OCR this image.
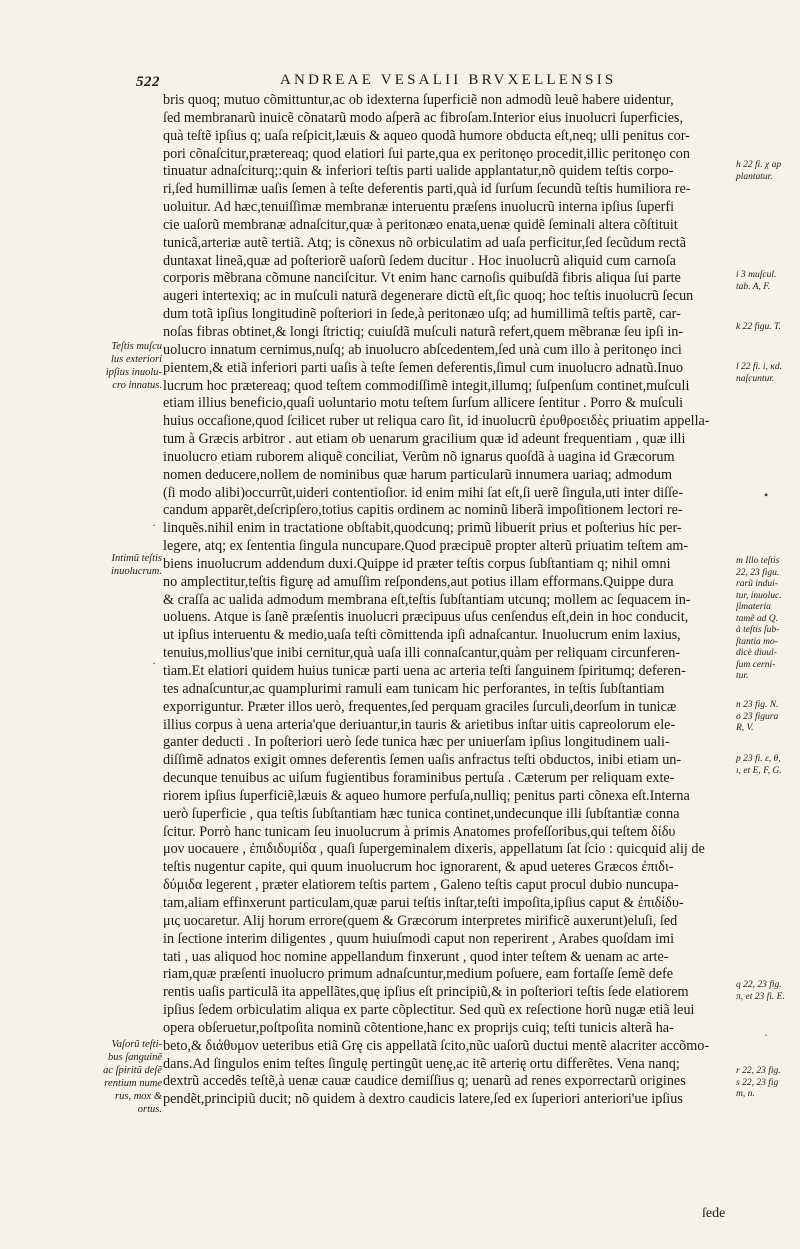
522	ANDREAE VESALII BRVXELLENSIS
bris quoq; mutuo cõmittuntur,ac ob idexterna ſuperficiẽ non admodũ leuẽ habere uidentur,
ſed membranarũ inuicẽ cõnatarũ modo aſperã ac fibroſam.Interior eius inuolucri ſuperficies,
quà teſtẽ ipſius q; uaſa reſpicit,læuis & aqueo quodã humore obducta eſt,neq; ulli penitus cor-
pori cõnaſcitur,prætereaq; quod elatiori ſui parte,qua ex peritonęo procedit,illic peritonęo con
tinuatur adnaſciturq;:quin & inferiori teſtis parti ualide applantatur,nõ quidem teſtis corpo-
ri,ſed humillimæ uaſis ſemen à teſte deferentis parti,quà id ſurſum ſecundũ teſtis humiliora re-
uoluitur. Ad hæc,tenuiſſimæ membranæ interuentu præſens inuolucrũ interna ipſius ſuperfi
cie uaſorũ membranæ adnaſcitur,quæ à peritonæo enata,uenæ quidẽ ſeminali altera cõſtituit
tunicã,arteriæ autẽ tertiã. Atq; is cõnexus nõ orbiculatim ad uaſa perficitur,ſed ſecũdum rectã
duntaxat lineã,quæ ad poſteriorẽ uaſorũ ſedem ducitur . Hoc inuolucrũ aliquid cum carnoſa
corporis mẽbrana cõmune nanciſcitur. Vt enim hanc carnoſis quibuſdã fibris aliqua ſui parte
augeri intertexiq; ac in muſculi naturã degenerare dictũ eſt,ſic quoq; hoc teſtis inuolucrũ ſecun
dum totã ipſius longitudinẽ poſteriori in ſede,à peritonæo uſq; ad humillimã teſtis partẽ, car-
noſas fibras obtinet,& longi ſtrictiq; cuiuſdã muſculi naturã refert,quem mẽbranæ ſeu ipſi in-
uolucro innatum cernimus,nuſq; ab inuolucro abſcedentem,ſed unà cum illo à peritonęo inci
pientem,& etiã inferiori parti uaſis à teſte ſemen deferentis,ſimul cum inuolucro adnatũ.Inuo
lucrum hoc prætereaq; quod teſtem commodiſſimẽ integit,illumq; ſuſpenſum continet,muſculi
etiam illius beneficio,quaſi uoluntario motu teſtem ſurſum allicere ſentitur . Porro & muſculi
huius occaſione,quod ſcilicet ruber ut reliqua caro ſit, id inuolucrũ ἐρυθροειδὲς priuatim appella-
tum à Græcis arbitror . aut etiam ob uenarum gracilium quæ id adeunt frequentiam , quæ illi
inuolucro etiam ruborem aliquẽ conciliat, Verũm nõ ignarus quoſdã à uagina id Græcorum
nomen deducere,nollem de nominibus quæ harum particularũ innumera uariaq; admodum
(ſi modo alibi)occurrũt,uideri contentioſior. id enim mihi ſat eſt,ſi uerẽ ſingula,uti inter diſſe-
candum apparẽt,deſcripſero,totius capitis ordinem ac nominũ liberã impoſitionem lectori re-
linquẽs.nihil enim in tractatione obſtabit,quodcunq; primũ libuerit prius et poſterius hic per-
legere, atq; ex ſententia ſingula nuncupare.Quod præcipuẽ propter alterũ priuatim teſtem am-
biens inuolucrum addendum duxi.Quippe id præter teſtis corpus ſubſtantiam q; nihil omni
no amplectitur,teſtis figurę ad amuſſim reſpondens,aut potius illam efformans.Quippe dura
& craſſa ac ualida admodum membrana eſt,teſtis ſubſtantiam utcunq; mollem ac ſequacem in-
uoluens. Atque is ſanẽ præſentis inuolucri præcipuus uſus cenſendus eſt,dein in hoc conducit,
ut ipſius interuentu & medio,uaſa teſti cõmittenda ipſi adnaſcantur. Inuolucrum enim laxius,
tenuius,mollius'que inibi cernitur,quà uaſa illi connaſcantur,quàm per reliquam circunferen-
tiam.Et elatiori quidem huius tunicæ parti uena ac arteria teſti ſanguinem ſpiritumq; deferen-
tes adnaſcuntur,ac quamplurimi ramuli eam tunicam hic perforantes, in teſtis ſubſtantiam
exporriguntur. Præter illos uerò, frequentes,ſed perquam graciles ſurculi,deorſum in tunicæ
illius corpus à uena arteria'que deriuantur,in tauris & arietibus inſtar uitis capreolorum ele-
ganter deducti . In poſteriori uerò ſede tunica hæc per uniuerſam ipſius longitudinem uali-
diſſimẽ adnatos exigit omnes deferentis ſemen uaſis anfractus teſti obductos, inibi etiam un-
decunque tenuibus ac uiſum fugientibus foraminibus pertuſa . Cæterum per reliquam exte-
riorem ipſius ſuperficiẽ,læuis & aqueo humore perfuſa,nulliq; penitus parti cõnexa eſt.Interna
uerò ſuperficie , qua teſtis ſubſtantiam hæc tunica continet,undecunque illi ſubſtantiæ conna
ſcitur. Porrò hanc tunicam ſeu inuolucrum à primis Anatomes profeſſoribus,qui teſtem δίδυ
μον uocauere , ἐπιδιδυμίδα , quaſi ſupergeminalem dixeris, appellatum ſat ſcio : quicquid alij de
teſtis nugentur capite, qui quum inuolucrum hoc ignorarent, & apud ueteres Græcos ἐπιδι-
δύμιδα legerent , præter elatiorem teſtis partem , Galeno teſtis caput procul dubio nuncupa-
tam,aliam effinxerunt particulam,quæ parui teſtis inſtar,teſti impoſita,ipſius caput & ἐπιδίδυ-
μις uocaretur. Alij horum errore(quem & Græcorum interpretes mirificẽ auxerunt)eluſi, ſed
in ſectione interim diligentes , quum huiuſmodi caput non reperirent , Arabes quoſdam imi
tati , uas aliquod hoc nomine appellandum finxerunt , quod inter teſtem & uenam ac arte-
riam,quæ præſenti inuolucro primum adnaſcuntur,medium poſuere, eam fortaſſe ſemẽ defe
rentis uaſis particulã ita appellãtes,quę ipſius eſt principiũ,& in poſteriori teſtis ſede elatiorem
ipſius ſedem orbiculatim aliqua ex parte cõplectitur. Sed quũ ex reſectione horũ nugæ etiã leui
opera obſeruetur,poſtpoſita nominũ cõtentione,hanc ex proprijs cuiq; teſti tunicis alterã ha-
beto,& διάθυμον ueteribus etiã Grę cis appellatã ſcito,nũc uaſorũ ductui mentẽ alacriter accõmo-
dans.Ad ſingulos enim teſtes ſingulę pertingũt uenę,ac itẽ arterię ortu differẽtes. Vena nanq;
dextrũ accedẽs teſtẽ,à uenæ cauæ caudice demiſſius q; uenarũ ad renes exporrectarũ origines
pendẽt,principiũ ducit; nõ quidem à dextro caudicis latere,ſed ex ſuperiori anteriori'ue ipſius
Teſtis muſcu
lus exteriori
ipſius inuolu-
cro innatus.
Intimũ teſtis
inuolucrum.
Vaſorũ teſti-
bus ſanguinẽ
ac ſpiritũ deſẽ
rentium nume
rus, mox &
ortus.
h 22 fi. χ ap
plantatur.
i 3 muſcul.
tab. A, F.
k 22 figu. T.
l 22 fi. i, κd.
naſcuntur.
m Illo teſtis
22, 23 figu.
rarũ indui-
tur, inuoluc.
ſimateria
tamẽ ad Q.
à teſtis ſub-
ſtantia mo-
dicè diuul-
ſum cerni-
tur.
n 23 fig. N.
o 23 figura
R, V.
p 23 fi. ε, θ,
ι, et E, F, G.
q 22, 23 fig.
π, et 23 fi. E.
r 22, 23 fig.
s 22, 23 fig
m, n.
•
·
·
·
ſede
